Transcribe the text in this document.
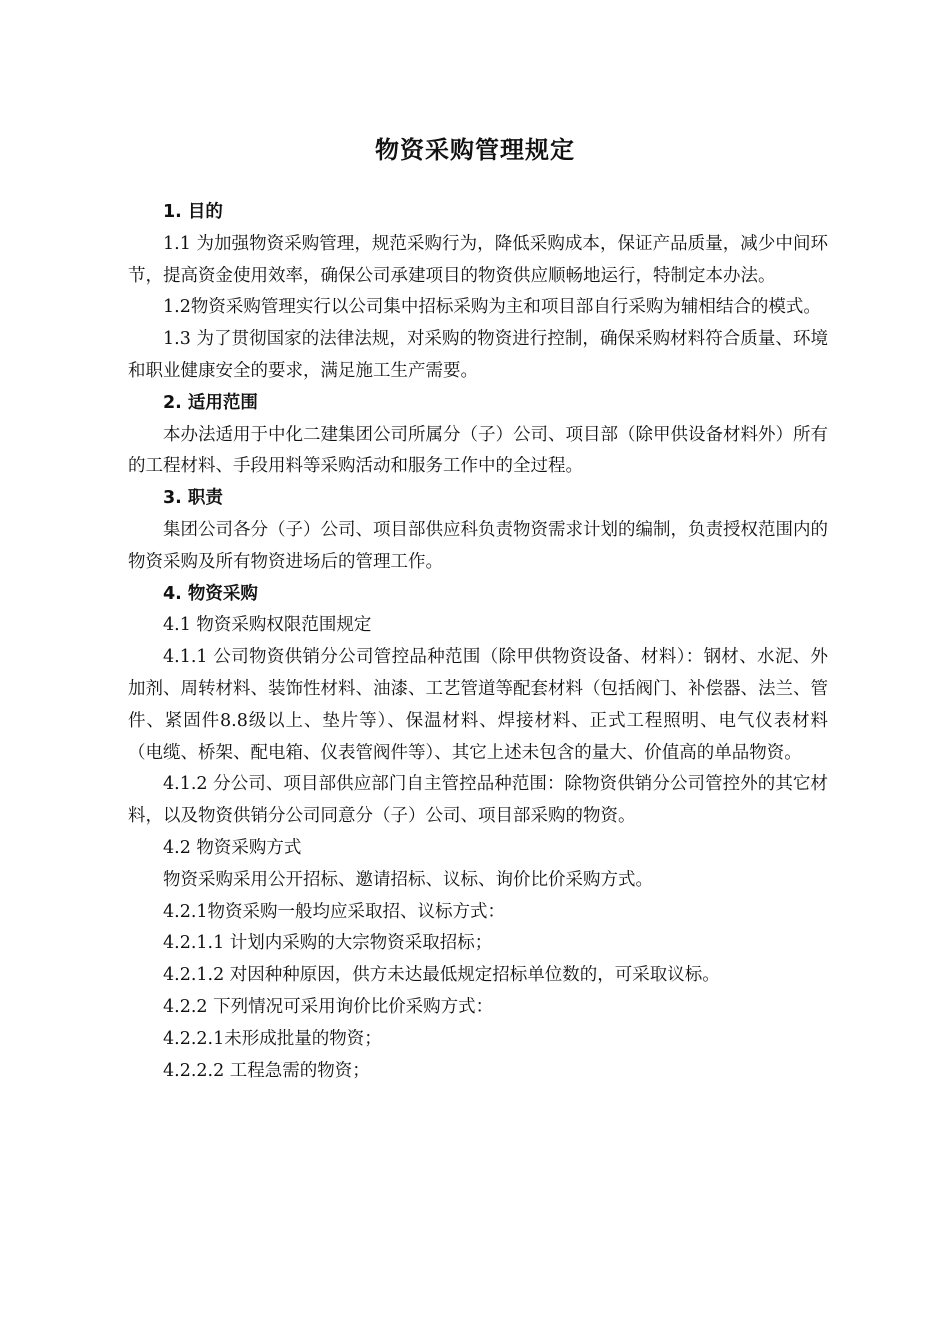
物资采购管理规定

1. 目的

1.1 为加强物资采购管理，规范采购行为，降低采购成本，保证产品质量，减少中间环节，提高资金使用效率，确保公司承建项目的物资供应顺畅地运行，特制定本办法。

1.2物资采购管理实行以公司集中招标采购为主和项目部自行采购为辅相结合的模式。

1.3 为了贯彻国家的法律法规，对采购的物资进行控制，确保采购材料符合质量、环境和职业健康安全的要求，满足施工生产需要。

2. 适用范围

本办法适用于中化二建集团公司所属分（子）公司、项目部（除甲供设备材料外）所有的工程材料、手段用料等采购活动和服务工作中的全过程。

3. 职责

集团公司各分（子）公司、项目部供应科负责物资需求计划的编制，负责授权范围内的物资采购及所有物资进场后的管理工作。

4. 物资采购

4.1 物资采购权限范围规定

4.1.1 公司物资供销分公司管控品种范围（除甲供物资设备、材料）：钢材、水泥、外加剂、周转材料、装饰性材料、油漆、工艺管道等配套材料（包括阀门、补偿器、法兰、管件、紧固件8.8级以上、垫片等）、保温材料、焊接材料、正式工程照明、电气仪表材料（电缆、桥架、配电箱、仪表管阀件等）、其它上述未包含的量大、价值高的单品物资。

4.1.2 分公司、项目部供应部门自主管控品种范围：除物资供销分公司管控外的其它材料，以及物资供销分公司同意分（子）公司、项目部采购的物资。

4.2 物资采购方式

物资采购采用公开招标、邀请招标、议标、询价比价采购方式。

4.2.1物资采购一般均应采取招、议标方式：

4.2.1.1 计划内采购的大宗物资采取招标；

4.2.1.2 对因种种原因，供方未达最低规定招标单位数的，可采取议标。

4.2.2 下列情况可采用询价比价采购方式：

4.2.2.1未形成批量的物资；

4.2.2.2 工程急需的物资；
